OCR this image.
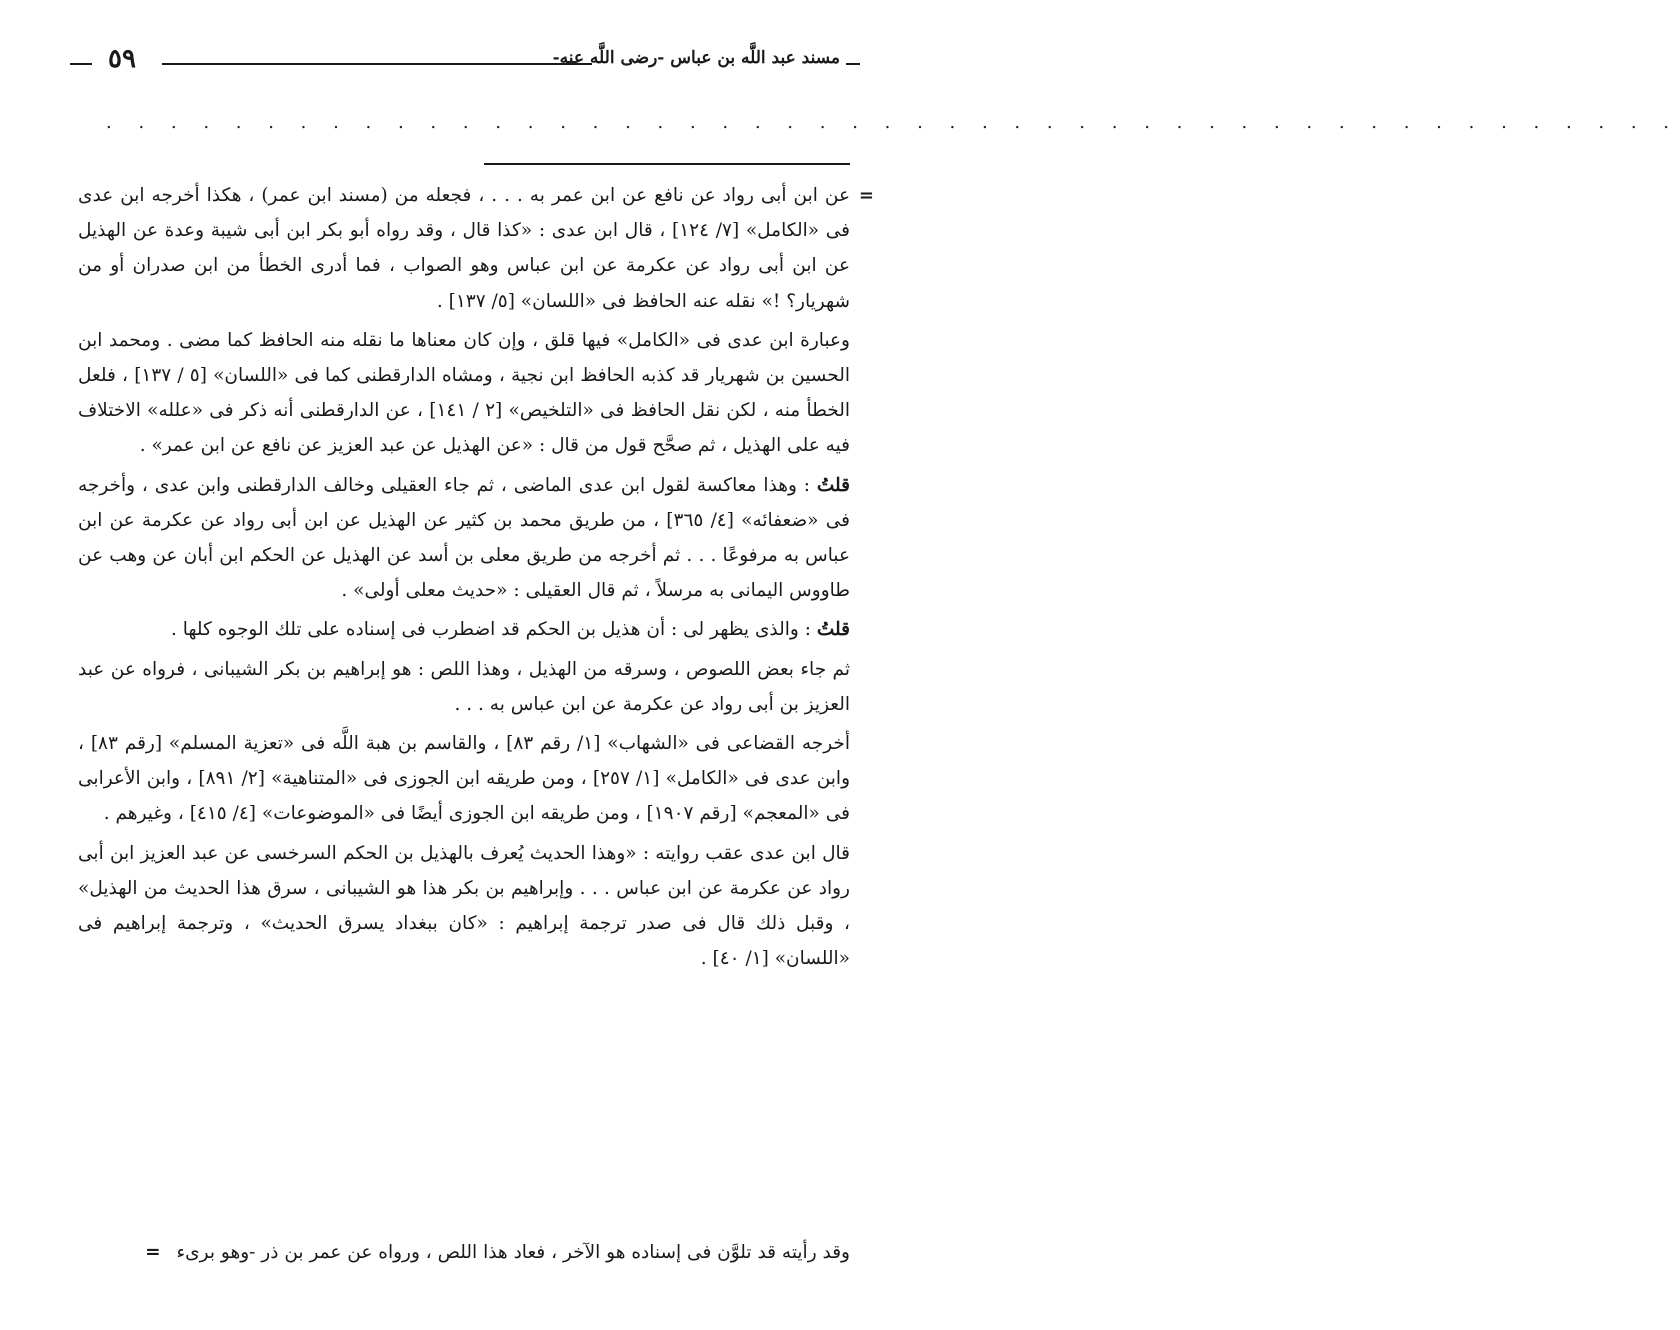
مسند عبد اللَّه بن عباس -رضى اللَّه عنه-
٥٩
. . . . . . . . . . . . . . . . . . . . . . . . . . . . . . . . . . . . . . . . . . . . . . . . .

=
عن ابن أبى رواد عن نافع عن ابن عمر به . . . ، فجعله من (مسند ابن عمر) ، هكذا أخرجه ابن عدى فى «الكامل» [٧/ ١٢٤] ، قال ابن عدى : «كذا قال ، وقد رواه أبو بكر ابن أبى شيبة وعدة عن الهذيل عن ابن أبى رواد عن عكرمة عن ابن عباس وهو الصواب ، فما أدرى الخطأ من ابن صدران أو من شهريار؟ !» نقله عنه الحافظ فى «اللسان» [٥/ ١٣٧] .

وعبارة ابن عدى فى «الكامل» فيها قلق ، وإن كان معناها ما نقله منه الحافظ كما مضى . ومحمد ابن الحسين بن شهريار قد كذبه الحافظ ابن نجية ، ومشاه الدارقطنى كما فى «اللسان» [٥ / ١٣٧] ، فلعل الخطأ منه ، لكن نقل الحافظ فى «التلخيص» [٢ / ١٤١] ، عن الدارقطنى أنه ذكر فى «علله» الاختلاف فيه على الهذيل ، ثم صحَّح قول من قال : «عن الهذيل عن عبد العزيز عن نافع عن ابن عمر» .

قلتُ : وهذا معاكسة لقول ابن عدى الماضى ، ثم جاء العقيلى وخالف الدارقطنى وابن عدى ، وأخرجه فى «ضعفائه» [٤/ ٣٦٥] ، من طريق محمد بن كثير عن الهذيل عن ابن أبى رواد عن عكرمة عن ابن عباس به مرفوعًا . . . ثم أخرجه من طريق معلى بن أسد عن الهذيل عن الحكم ابن أبان عن وهب عن طاووس اليمانى به مرسلاً ، ثم قال العقيلى : «حديث معلى أولى» .

قلتُ : والذى يظهر لى : أن هذيل بن الحكم قد اضطرب فى إسناده على تلك الوجوه كلها .

ثم جاء بعض اللصوص ، وسرقه من الهذيل ، وهذا اللص : هو إبراهيم بن بكر الشيبانى ، فرواه عن عبد العزيز بن أبى رواد عن عكرمة عن ابن عباس به . . .

أخرجه القضاعى فى «الشهاب» [١/ رقم ٨٣] ، والقاسم بن هبة اللَّه فى «تعزية المسلم» [رقم ٨٣] ، وابن عدى فى «الكامل» [١/ ٢٥٧] ، ومن طريقه ابن الجوزى فى «المتناهية» [٢/ ٨٩١] ، وابن الأعرابى فى «المعجم» [رقم ١٩٠٧] ، ومن طريقه ابن الجوزى أيضًا فى «الموضوعات» [٤/ ٤١٥] ، وغيرهم .

قال ابن عدى عقب روايته : «وهذا الحديث يُعرف بالهذيل بن الحكم السرخسى عن عبد العزيز ابن أبى رواد عن عكرمة عن ابن عباس . . . وإبراهيم بن بكر هذا هو الشيبانى ، سرق هذا الحديث من الهذيل» ، وقبل ذلك قال فى صدر ترجمة إبراهيم : «كان ببغداد يسرق الحديث» ، وترجمة إبراهيم فى «اللسان» [١/ ٤٠] .

وقد رأيته قد تلوَّن فى إسناده هو الآخر ، فعاد هذا اللص ، ورواه عن عمر بن ذر -وهو برىء =
